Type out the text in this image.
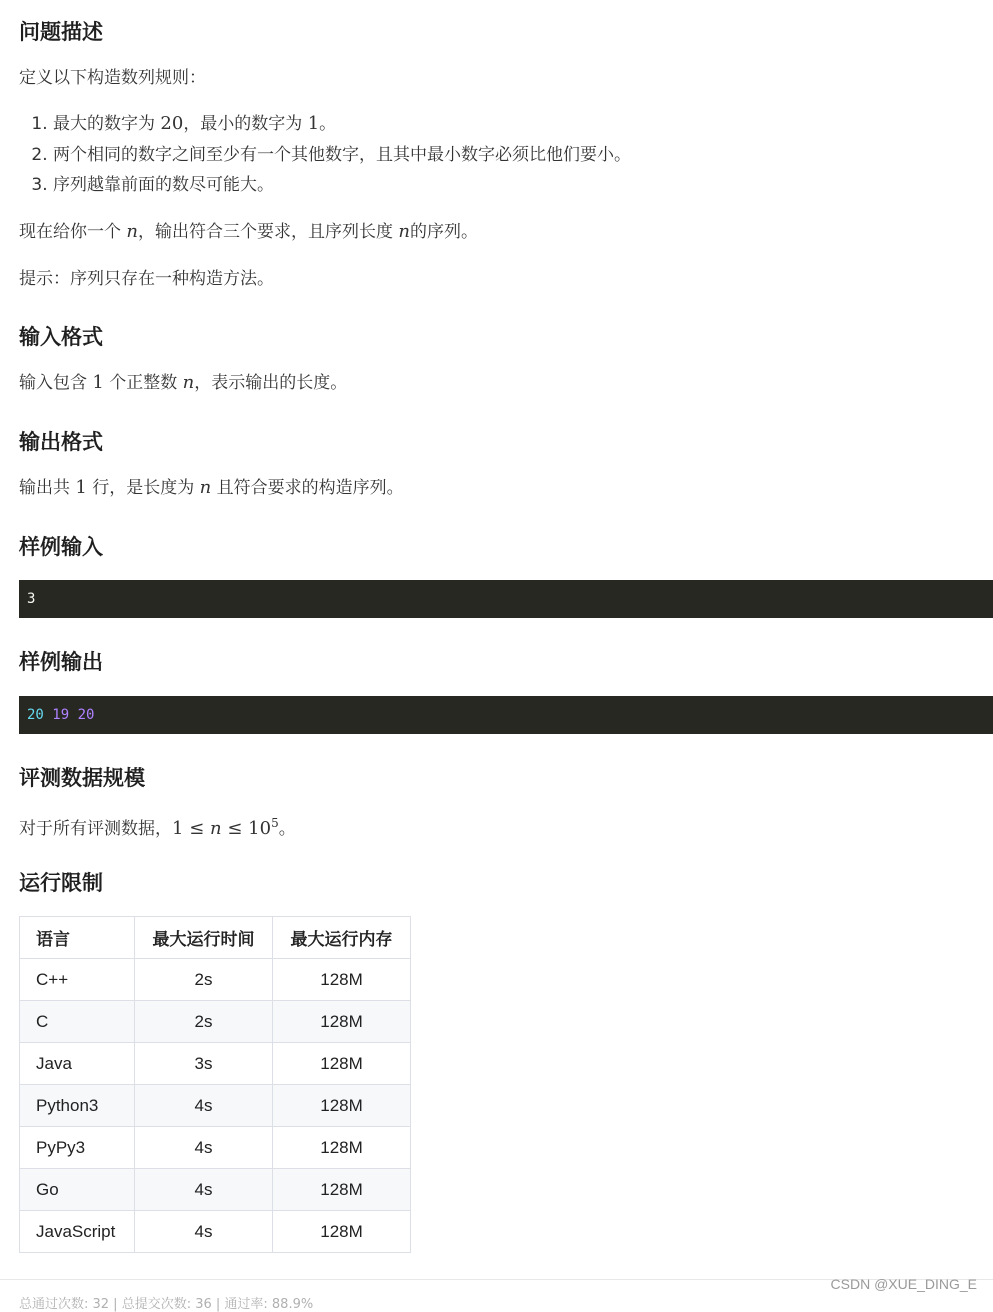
问题描述

定义以下构造数列规则：

1. 最大的数字为 20，最小的数字为 1。
2. 两个相同的数字之间至少有一个其他数字，且其中最小数字必须比他们要小。
3. 序列越靠前面的数尽可能大。

现在给你一个 n，输出符合三个要求，且序列长度 n的序列。

提示：序列只存在一种构造方法。

输入格式

输入包含 1 个正整数 n，表示输出的长度。

输出格式

输出共 1 行，是长度为 n 且符合要求的构造序列。

样例输入
3
样例输出
20 19 20
评测数据规模

对于所有评测数据，$1 \le n \le 10^5$。

运行限制
语言	最大运行时间	最大运行内存
C++	2s	128M
C	2s	128M
Java	3s	128M
Python3	4s	128M
PyPy3	4s	128M
Go	4s	128M
JavaScript	4s	128M
总通过次数: 32 | 总提交次数: 36 | 通过率: 88.9%
CSDN @XUE_DING_E
